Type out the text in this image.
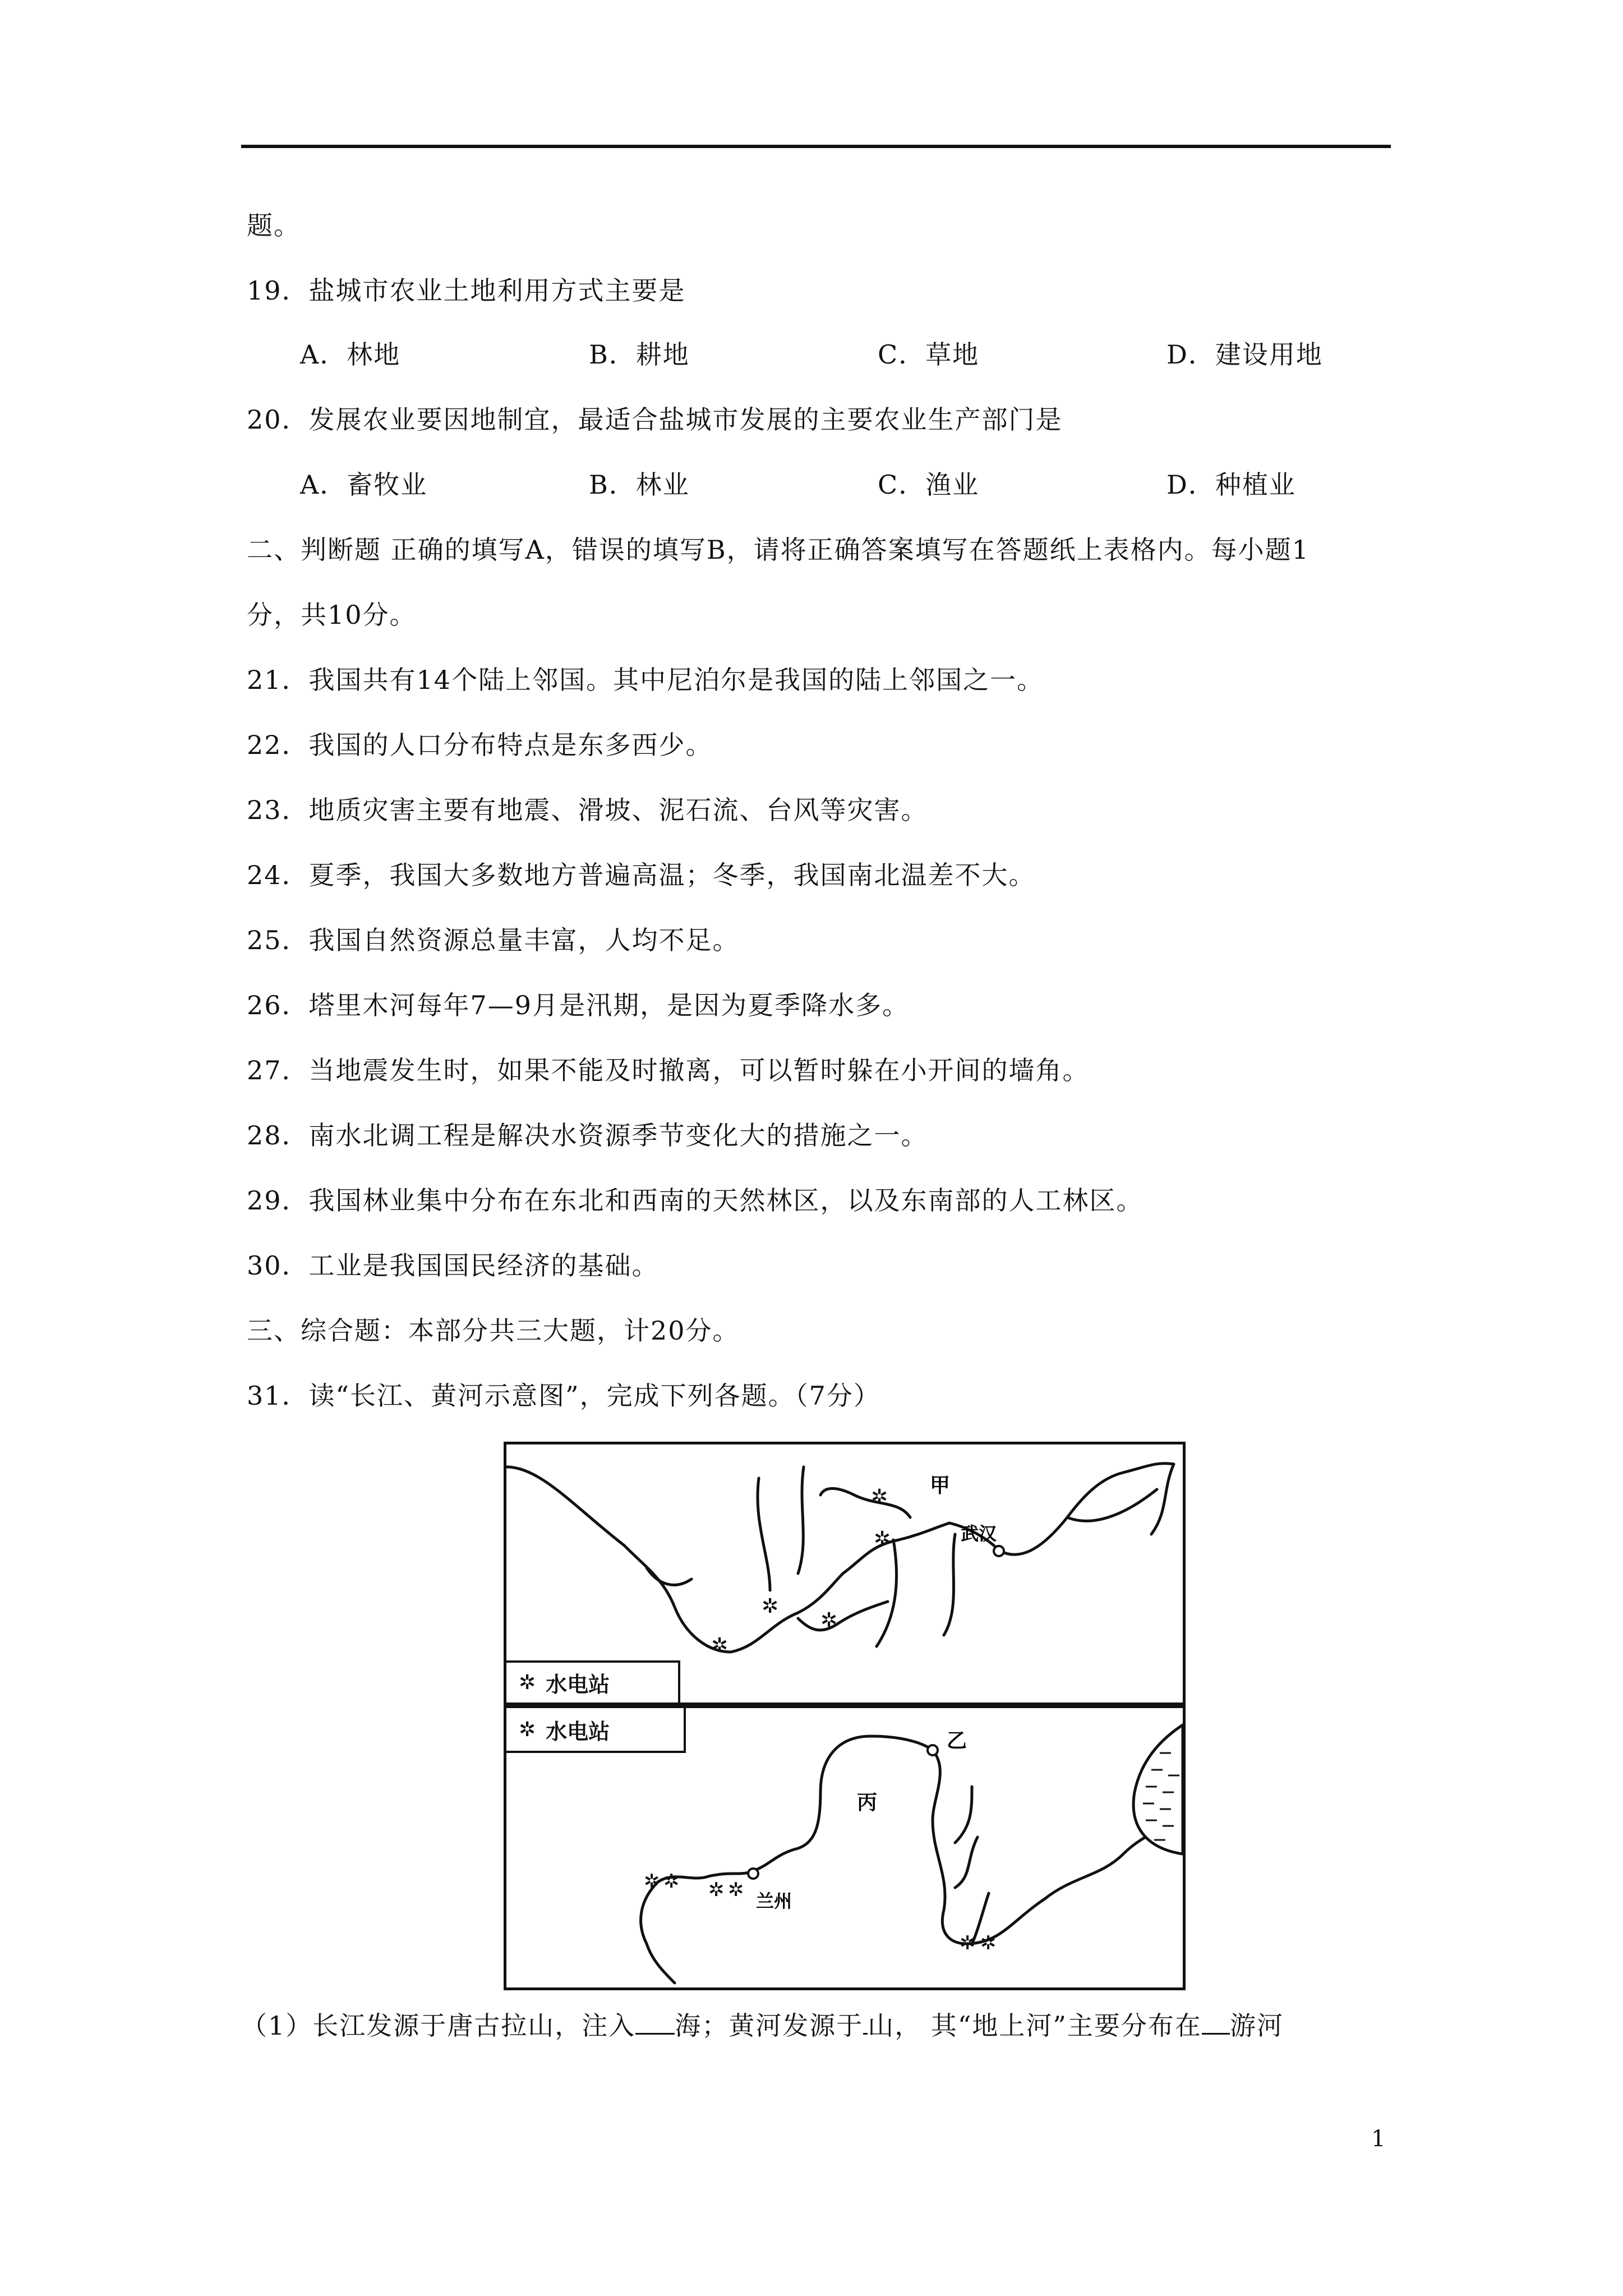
题。
19．盐城市农业土地利用方式主要是
A．林地	B．耕地	C．草地	D．建设用地
20．发展农业要因地制宜，最适合盐城市发展的主要农业生产部门是
A．畜牧业	B．林业	C．渔业	D．种植业
二、判断题 正确的填写A，错误的填写B，请将正确答案填写在答题纸上表格内。每小题1
分，共10分。
21．我国共有14个陆上邻国。其中尼泊尔是我国的陆上邻国之一。
22．我国的人口分布特点是东多西少。
23．地质灾害主要有地震、滑坡、泥石流、台风等灾害。
24．夏季，我国大多数地方普遍高温；冬季，我国南北温差不大。
25．我国自然资源总量丰富，人均不足。
26．塔里木河每年7—9月是汛期，是因为夏季降水多。
27．当地震发生时，如果不能及时撤离，可以暂时躲在小开间的墙角。
28．南水北调工程是解决水资源季节变化大的措施之一。
29．我国林业集中分布在东北和西南的天然林区，以及东南部的人工林区。
30．工业是我国国民经济的基础。
三、综合题：本部分共三大题，计20分。
31．读“长江、黄河示意图”，完成下列各题。（7分）
✲
✲
✲
✲
✲
甲
武汉
✲ 水电站
✲ ✲ ✲ ✲
✲ ✲
乙
丙
兰州
✲ 水电站
（1）长江发源于唐古拉山，注入 海；黄河发源于 山， 其“地上河”主要分布在 游河
1
